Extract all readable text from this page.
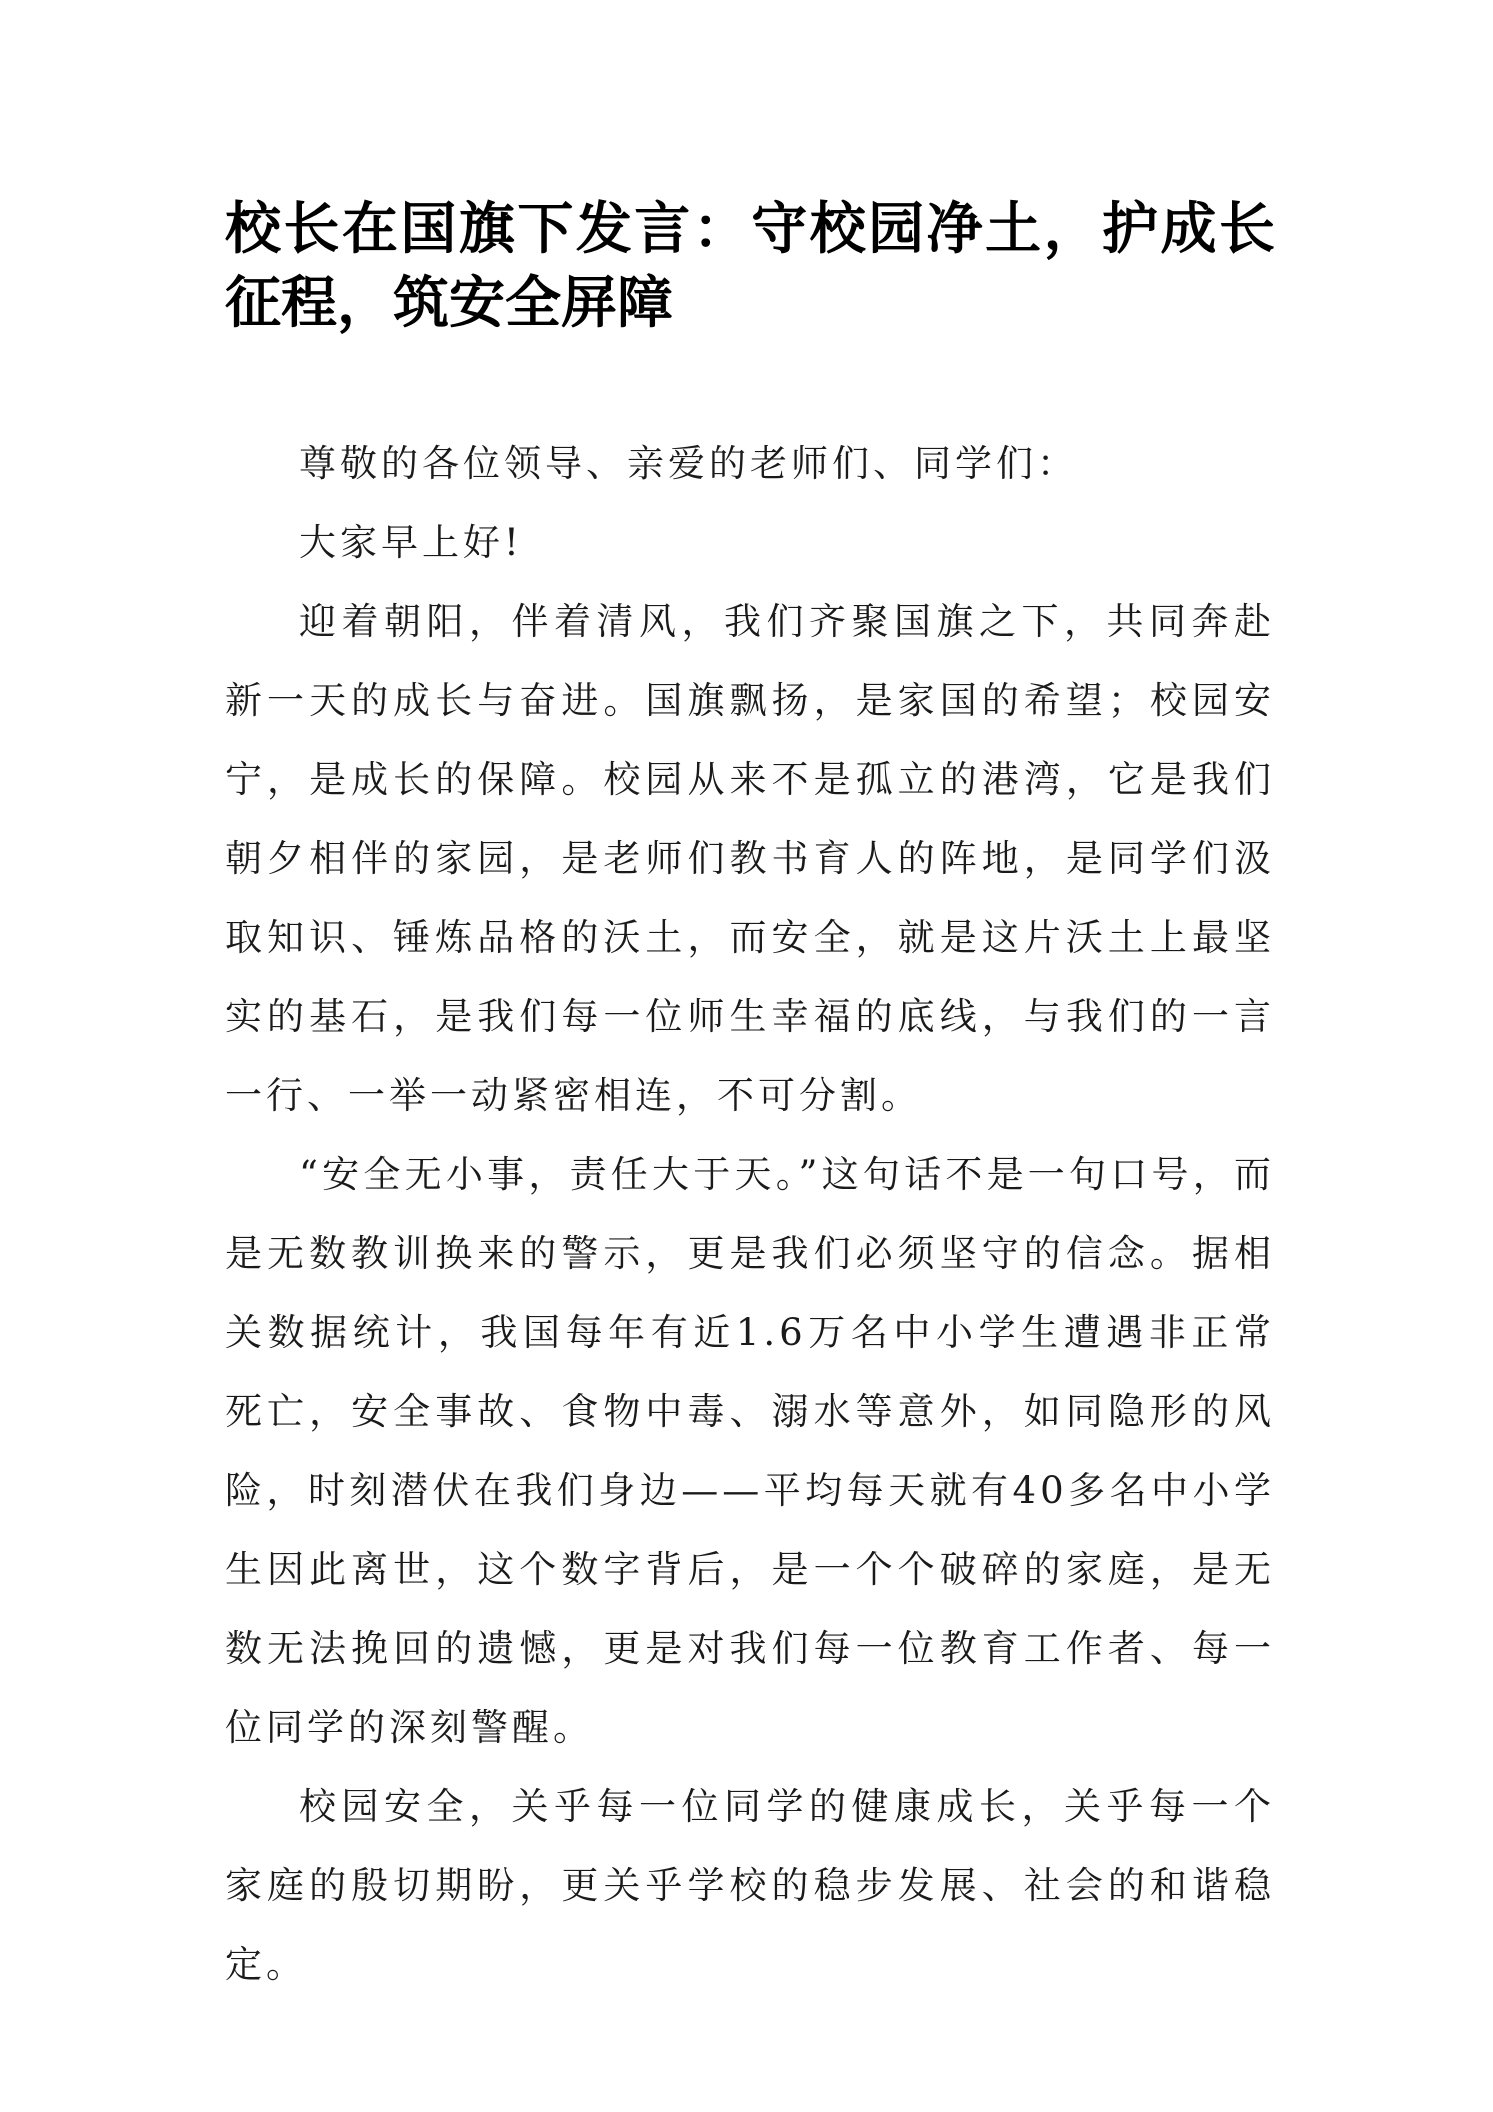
校长在国旗下发言：守校园净土，护成长征程，筑安全屏障

尊敬的各位领导、亲爱的老师们、同学们：

大家早上好!

迎着朝阳，伴着清风，我们齐聚国旗之下，共同奔赴新一天的成长与奋进。国旗飘扬，是家国的希望；校园安宁，是成长的保障。校园从来不是孤立的港湾，它是我们朝夕相伴的家园，是老师们教书育人的阵地，是同学们汲取知识、锤炼品格的沃土，而安全，就是这片沃土上最坚实的基石，是我们每一位师生幸福的底线，与我们的一言一行、一举一动紧密相连，不可分割。

“安全无小事，责任大于天。”这句话不是一句口号，而是无数教训换来的警示，更是我们必须坚守的信念。据相关数据统计，我国每年有近1.6万名中小学生遭遇非正常死亡，安全事故、食物中毒、溺水等意外，如同隐形的风险，时刻潜伏在我们身边——平均每天就有40多名中小学生因此离世，这个数字背后，是一个个破碎的家庭，是无数无法挽回的遗憾，更是对我们每一位教育工作者、每一位同学的深刻警醒。

校园安全，关乎每一位同学的健康成长，关乎每一个家庭的殷切期盼，更关乎学校的稳步发展、社会的和谐稳定。
